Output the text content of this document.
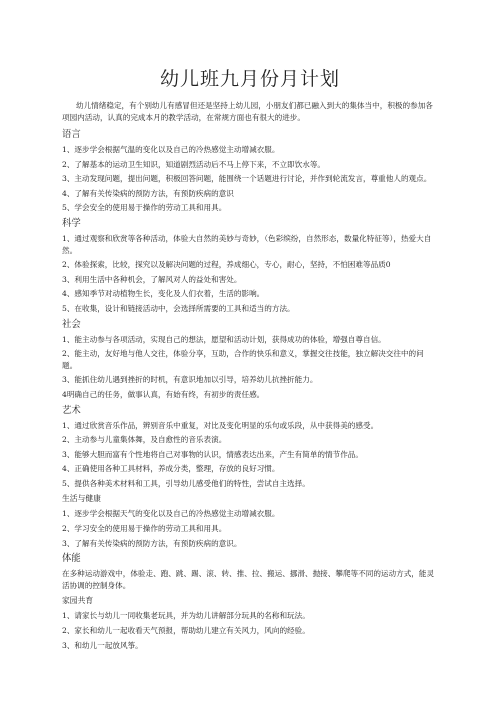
幼儿班九月份月计划

幼儿情绪稳定，有个别幼儿有感冒但还是坚持上幼儿园，小朋友们都已融入到大的集体当中，积极的参加各项园内活动，认真的完成本月的教学活动，在常规方面也有很大的进步。

语言
1、逐步学会根据气温的变化以及自己的冷热感觉主动增减衣服。
2、了解基本的运动卫生知识，知道剧烈活动后不马上停下来，不立即饮水等。
3、主动发现问题，提出问题，积极回答问题，能围绕一个话题进行讨论，并作到轮流发言，尊重他人的观点。
4、了解有关传染病的预防方法，有预防疾病的意识
5、学会安全的使用易于操作的劳动工具和用具。
科学
1、通过观察和欣赏等各种活动，体验大自然的美妙与奇妙，（色彩缤纷，自然形态，数量化特征等），热爱大自然。
2、体验探索，比较，探究以及解决问题的过程，养成细心，专心，耐心，坚持，不怕困难等品质0
3、利用生活中各种机会，了解风对人的益处和害处。
4、感知季节对动植物生长，变化及人们衣着，生活的影响。
5、在收集，设计和链接活动中，会选择所需要的工具和适当的方法。
社会
1、能主动参与各项活动，实现自己的想法，愿望和活动计划，获得成功的体验，增强自尊自信。
2、能主动，友好地与他人交往，体验分享，互助，合作的快乐和意义，掌握交往技能，独立解决交往中的问题。
3、能抓住幼儿遇到挫折的时机，有意识地加以引导，培养幼儿抗挫折能力。
4明确自己的任务，做事认真，有始有终，有初步的责任感。
艺术
1、通过欣赏音乐作品，辨别音乐中重复，对比及变化明显的乐句或乐段，从中获得美的感受。
2、主动参与儿童集体舞，及自愈性的音乐表演。
3、能够大胆而富有个性地将自己对事物的认识，情感表达出来，产生有简单的情节作品。
4、正确使用各种工具材料，养成分类，整理，存放的良好习惯。
5、提供各种美术材料和工具，引导幼儿感受他们的特性，尝试自主选择。
生活与健康
1、逐步学会根据天气的变化以及自己的冷热感觉主动增减衣服。
2、学习安全的使用易于操作的劳动工具和用具。
3、了解有关传染病的预防方法，有预防疾病的意识。
体能
在多种运动游戏中，体验走、跑、跳、踢、滚、转、推、拉、搬运、挪滑、抛接、攀爬等不同的运动方式，能灵活协调的控制身体。
家园共育
1、请家长与幼儿一同收集老玩具，并为幼儿讲解部分玩具的名称和玩法。
2、家长和幼儿一起收看天气预报，帮助幼儿建立有关风力，风向的经验。
3、和幼儿一起放风筝。
